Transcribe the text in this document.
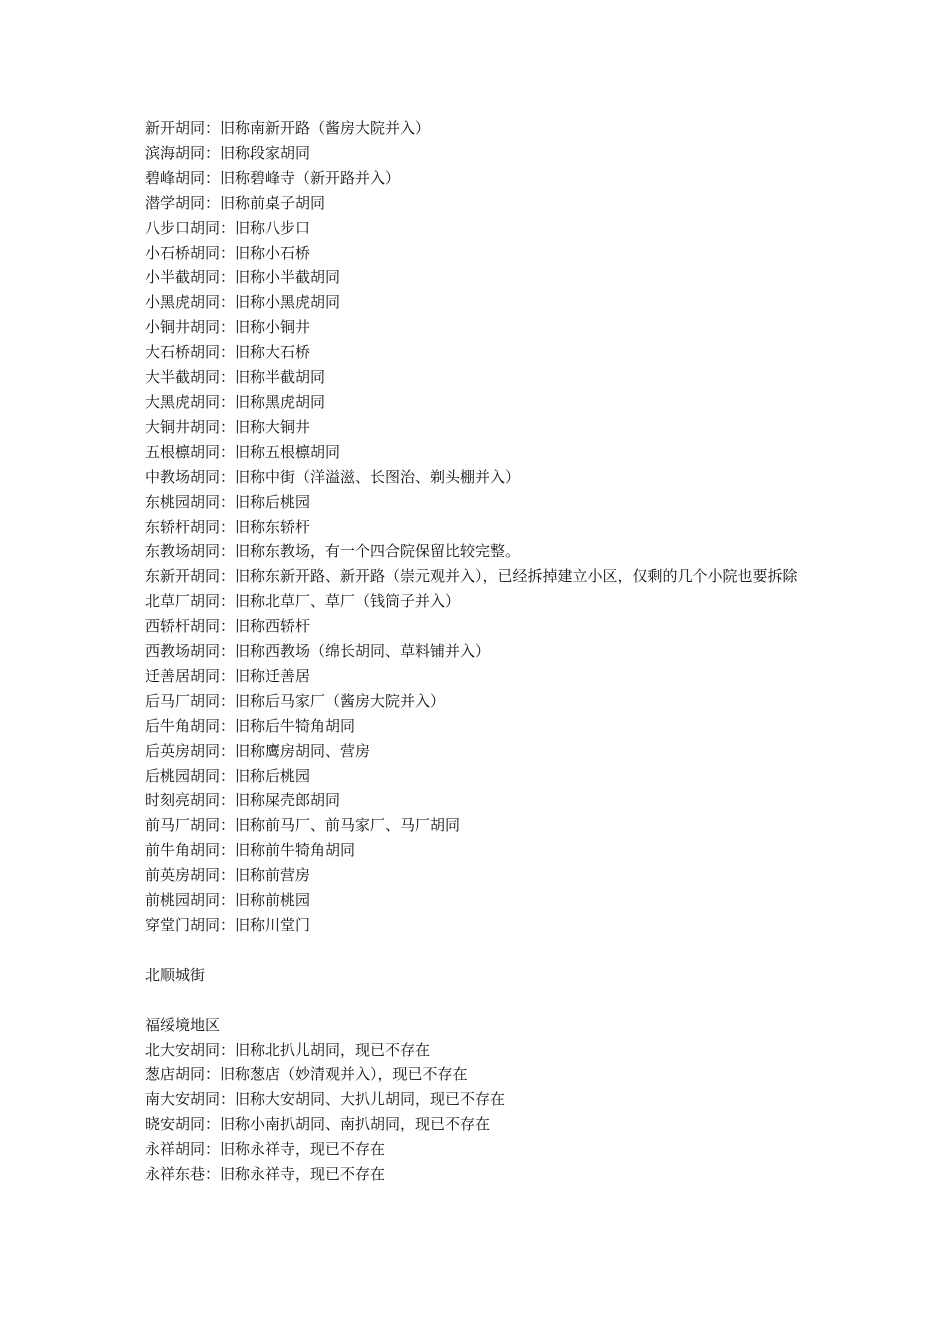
新开胡同：旧称南新开路（酱房大院并入）

滨海胡同：旧称段家胡同

碧峰胡同：旧称碧峰寺（新开路并入）

潜学胡同：旧称前桌子胡同

八步口胡同：旧称八步口

小石桥胡同：旧称小石桥

小半截胡同：旧称小半截胡同

小黑虎胡同：旧称小黑虎胡同

小铜井胡同：旧称小铜井

大石桥胡同：旧称大石桥

大半截胡同：旧称半截胡同

大黑虎胡同：旧称黑虎胡同

大铜井胡同：旧称大铜井

五根檩胡同：旧称五根檩胡同

中教场胡同：旧称中街（洋溢滋、长图治、剃头棚并入）

东桃园胡同：旧称后桃园

东轿杆胡同：旧称东轿杆

东教场胡同：旧称东教场，有一个四合院保留比较完整。

东新开胡同：旧称东新开路、新开路（崇元观并入），已经拆掉建立小区，仅剩的几个小院也要拆除

北草厂胡同：旧称北草厂、草厂（钱筒子并入）

西轿杆胡同：旧称西轿杆

西教场胡同：旧称西教场（绵长胡同、草料铺并入）

迁善居胡同：旧称迁善居

后马厂胡同：旧称后马家厂（酱房大院并入）

后牛角胡同：旧称后牛犄角胡同

后英房胡同：旧称鹰房胡同、营房

后桃园胡同：旧称后桃园

时刻亮胡同：旧称屎壳郎胡同

前马厂胡同：旧称前马厂、前马家厂、马厂胡同

前牛角胡同：旧称前牛犄角胡同

前英房胡同：旧称前营房

前桃园胡同：旧称前桃园

穿堂门胡同：旧称川堂门

北顺城街

福绥境地区

北大安胡同：旧称北扒儿胡同，现已不存在

葱店胡同：旧称葱店（妙清观并入），现已不存在

南大安胡同：旧称大安胡同、大扒儿胡同，现已不存在

晓安胡同：旧称小南扒胡同、南扒胡同，现已不存在

永祥胡同：旧称永祥寺，现已不存在

永祥东巷：旧称永祥寺，现已不存在
